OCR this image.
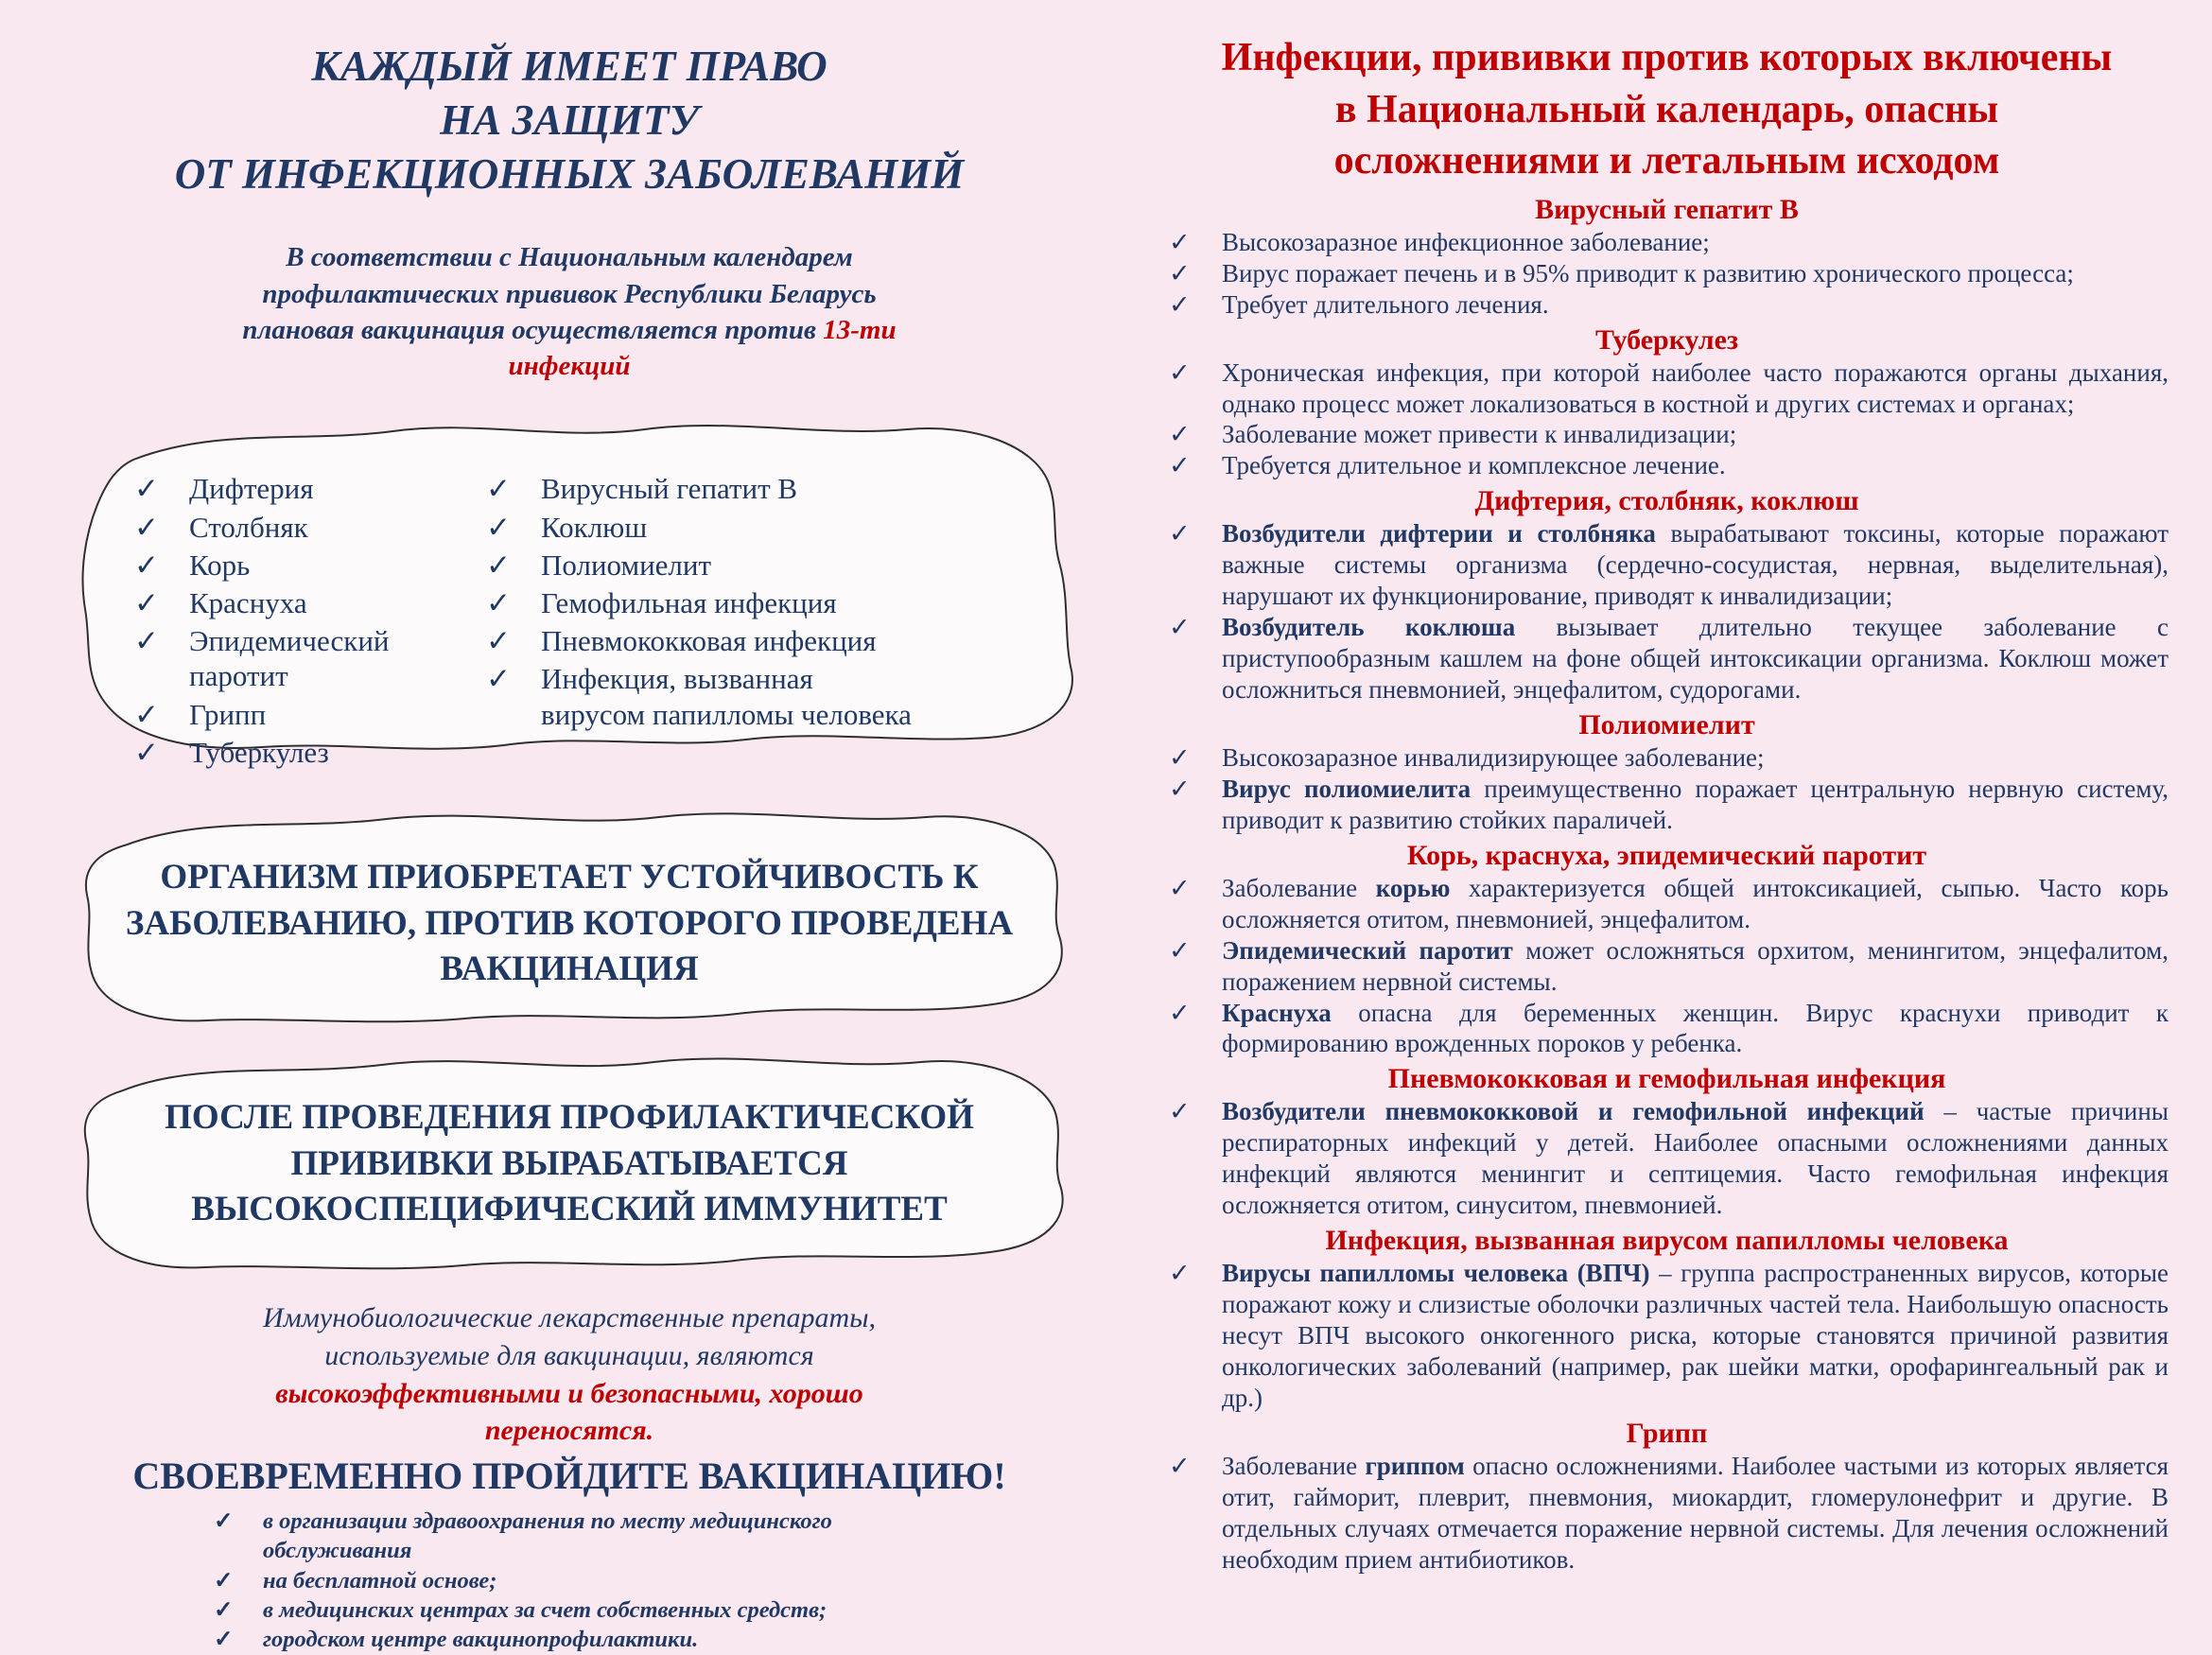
КАЖДЫЙ ИМЕЕТ ПРАВО
НА ЗАЩИТУ
ОТ ИНФЕКЦИОННЫХ ЗАБОЛЕВАНИЙ

В соответствии с Национальным календарем профилактических прививок Республики Беларусь плановая вакцинация осуществляется против 13-ти инфекций

✓	Дифтерия
✓	Столбняк
✓	Корь
✓	Краснуха
✓	Эпидемический паротит
✓	Грипп
✓	Туберкулез
✓	Вирусный гепатит В
✓	Коклюш
✓	Полиомиелит
✓	Гемофильная инфекция
✓	Пневмококковая инфекция
✓	Инфекция, вызванная вирусом папилломы человека
ОРГАНИЗМ ПРИОБРЕТАЕТ УСТОЙЧИВОСТЬ К ЗАБОЛЕВАНИЮ, ПРОТИВ КОТОРОГО ПРОВЕДЕНА ВАКЦИНАЦИЯ
ПОСЛЕ ПРОВЕДЕНИЯ ПРОФИЛАКТИЧЕСКОЙ ПРИВИВКИ ВЫРАБАТЫВАЕТСЯ ВЫСОКОСПЕЦИФИЧЕСКИЙ ИММУНИТЕТ

Иммунобиологические лекарственные препараты, используемые для вакцинации, являются высокоэффективными и безопасными, хорошо переносятся.

СВОЕВРЕМЕННО ПРОЙДИТЕ ВАКЦИНАЦИЮ!
✓	в организации здравоохранения по месту медицинского обслуживания
✓	на бесплатной основе;
✓	в медицинских центрах за счет собственных средств;
✓	городском центре вакцинопрофилактики.
Инфекции, прививки против которых включены
в Национальный календарь, опасны
осложнениями и летальным исходом
Вирусный гепатит В
✓	Высокозаразное инфекционное заболевание;
✓	Вирус поражает печень и в 95% приводит к развитию хронического процесса;
✓	Требует длительного лечения.
Туберкулез
✓	Хроническая инфекция, при которой наиболее часто поражаются органы дыхания, однако процесс может локализоваться в костной и других системах и органах;
✓	Заболевание может привести к инвалидизации;
✓	Требуется длительное и комплексное лечение.
Дифтерия, столбняк, коклюш
✓	Возбудители дифтерии и столбняка вырабатывают токсины, которые поражают важные системы организма (сердечно-сосудистая, нервная, выделительная), нарушают их функционирование, приводят к инвалидизации;
✓	Возбудитель коклюша вызывает длительно текущее заболевание с приступообразным кашлем на фоне общей интоксикации организма. Коклюш может осложниться пневмонией, энцефалитом, судорогами.
Полиомиелит
✓	Высокозаразное инвалидизирующее заболевание;
✓	Вирус полиомиелита преимущественно поражает центральную нервную систему, приводит к развитию стойких параличей.
Корь, краснуха, эпидемический паротит
✓	Заболевание корью характеризуется общей интоксикацией, сыпью. Часто корь осложняется отитом, пневмонией, энцефалитом.
✓	Эпидемический паротит может осложняться орхитом, менингитом, энцефалитом, поражением нервной системы.
✓	Краснуха опасна для беременных женщин. Вирус краснухи приводит к формированию врожденных пороков у ребенка.
Пневмококковая и гемофильная инфекция
✓	Возбудители пневмококковой и гемофильной инфекций – частые причины респираторных инфекций у детей. Наиболее опасными осложнениями данных инфекций являются менингит и септицемия. Часто гемофильная инфекция осложняется отитом, синуситом, пневмонией.
Инфекция, вызванная вирусом папилломы человека
✓	Вирусы папилломы человека (ВПЧ) – группа распространенных вирусов, которые поражают кожу и слизистые оболочки различных частей тела. Наибольшую опасность несут ВПЧ высокого онкогенного риска, которые становятся причиной развития онкологических заболеваний (например, рак шейки матки, орофарингеальный рак и др.)
Грипп
✓	Заболевание гриппом опасно осложнениями. Наиболее частыми из которых является отит, гайморит, плеврит, пневмония, миокардит, гломерулонефрит и другие. В отдельных случаях отмечается поражение нервной системы. Для лечения осложнений необходим прием антибиотиков.
